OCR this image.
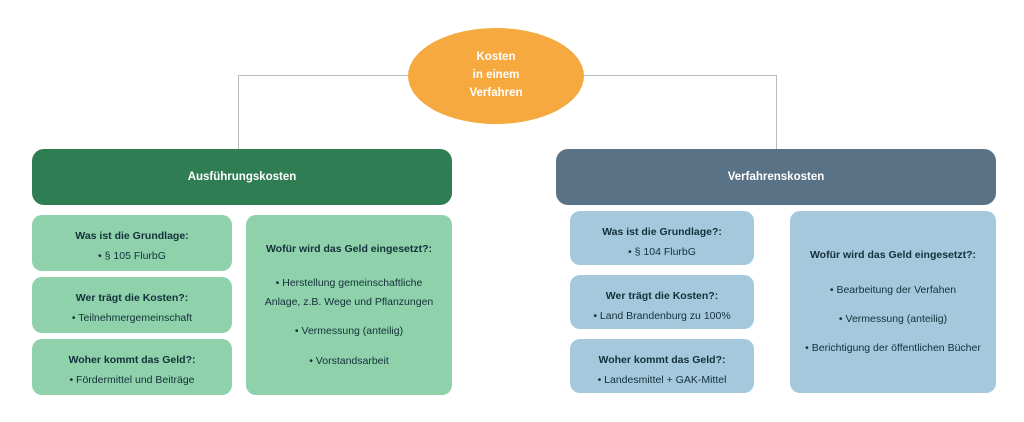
Kosten
in einem
Verfahren
Ausführungskosten
Was ist die Grundlage:
• § 105 FlurbG
Wer trägt die Kosten?:
• Teilnehmergemeinschaft
Woher kommt das Geld?:
• Fördermittel und Beiträge
Wofür wird das Geld eingesetzt?:
• Herstellung gemeinschaftliche Anlage, z.B. Wege und Pflanzungen
• Vermessung (anteilig)
• Vorstandsarbeit
Verfahrenskosten
Was ist die Grundlage?:
• § 104 FlurbG
Wer trägt die Kosten?:
• Land Brandenburg zu 100%
Woher kommt das Geld?:
• Landesmittel + GAK-Mittel
Wofür wird das Geld eingesetzt?:
• Bearbeitung der Verfahen
• Vermessung (anteilig)
• Berichtigung der öffentlichen Bücher
